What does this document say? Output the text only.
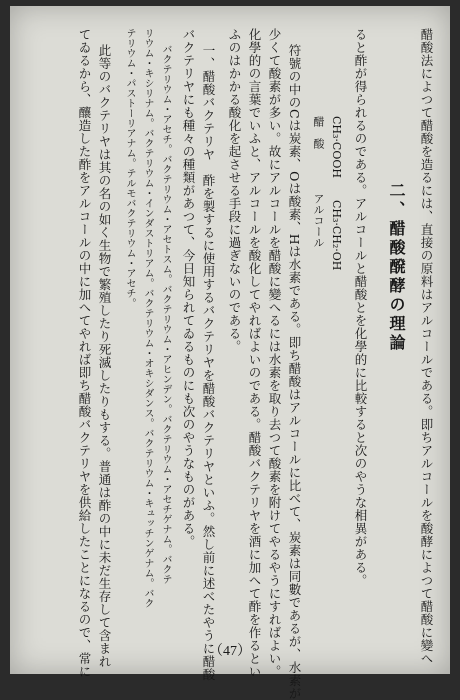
二、醋酸醗酵の理論 醋酸法によつて醋酸を造るには、直接の原料はアルコールである。即ちアルコールを酸酵によつて醋酸に變へ
ると酢が得られるのである。アルコールと醋酸とを化學的に比較すると次のやうな相異がある。
CH₃·COOH　　CH₃·CH₂·OH
醋　酸　　　　アルコール
符號の中のCは炭素、Oは酸素、Hは水素である。即ち醋酸はアルコールに比べて、炭素は同數であるが、水素が
少くて酸素が多い。故にアルコールを醋酸に變へるには水素を取り去つて酸素を附けてやるやうにすればよい。
化學的の言葉でいふと、アルコールを酸化してやればよいのである。醋酸バクテリヤを酒に加へて酢を作るとい
ふのはかかる酸化を起させる手段に過ぎないのである。
一、醋酸バクテリヤ　酢を製するに使用するバクテリヤを醋酸バクテリヤといふ。然し前に述べたやうに醋酸
バクテリヤにも種々の種類があつて、今日知られてゐるものにも次のやうなものがある。
バクテリウム・アセチ。バクテリウム・アセトスム。バクテリウム・アヒンデン。バクテリウム・アセチゲナム。バクテ
リウム・キシリナム。バクテリウム・インダストリアム。バクテリウム・オキシダンス。バクテリウム・キュッチンゲナム。バク
テリウム・パストーリアナム。テルモバクテリウム・アセチ。
此等のバクテリヤは其の名の如く生物で繁殖したり死滅したりもする。普通は酢の中に未だ生存して含まれ
てゐるから、釀造した酢をアルコールの中に加へてやれば即ち醋酸バクテリヤを供給したことになるので、常に	（47）
